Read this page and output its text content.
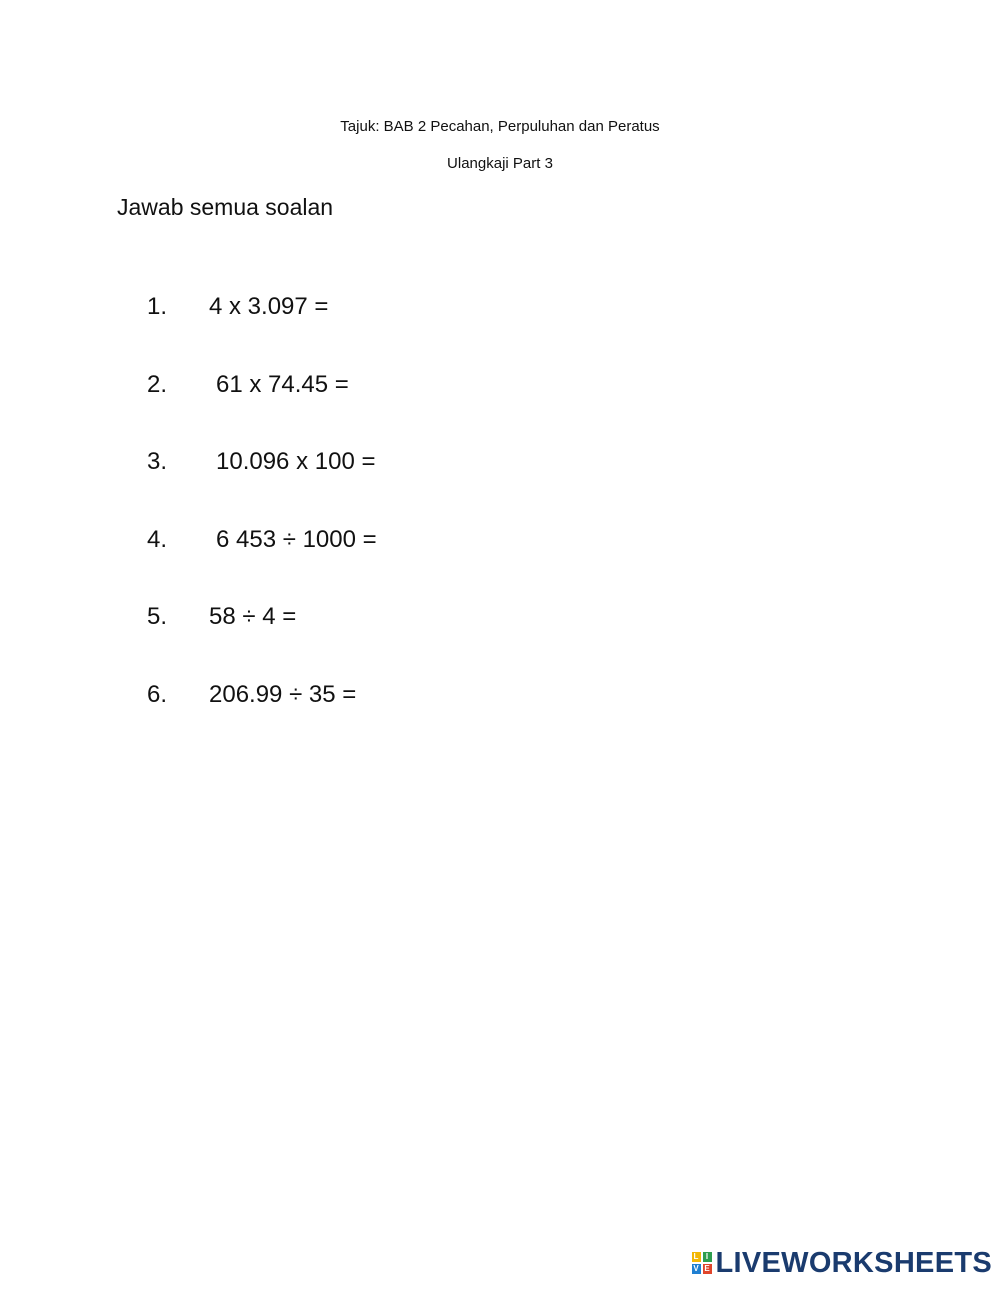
Tajuk: BAB 2 Pecahan, Perpuluhan dan Peratus
Ulangkaji Part 3
Jawab semua soalan

1.

	4 x 3.097 =

2.

	61 x 74.45 =

3.

	10.096 x 100 =

4.

	6 453 ÷ 1000 =

5.

	58 ÷ 4 =

6.

	206.99 ÷ 35 =

L I
V E LIVEWORKSHEETS
